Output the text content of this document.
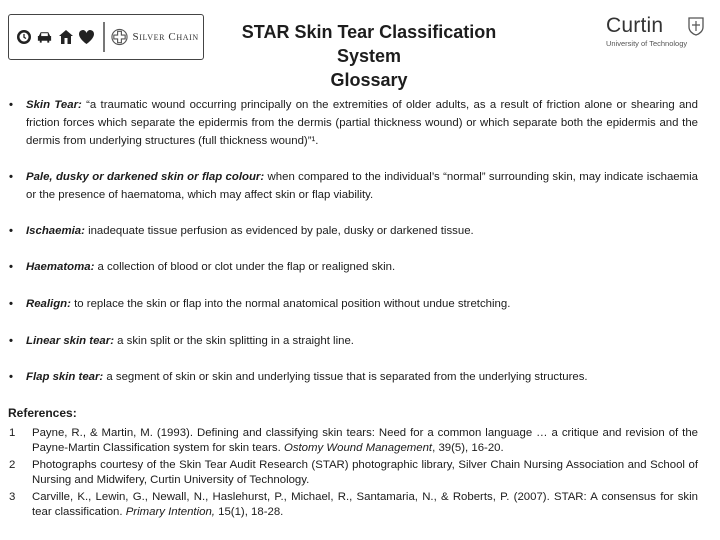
Silver Chain	STAR Skin Tear Classification System
Glossary
Curtin
University of Technology
• Skin Tear: “a traumatic wound occurring principally on the extremities of older adults, as a result of friction alone or shearing and friction forces which separate the epidermis from the dermis (partial thickness wound) or which separate both the epidermis and the dermis from underlying structures (full thickness wound)”¹.
• Pale, dusky or darkened skin or flap colour: when compared to the individual’s “normal” surrounding skin, may indicate ischaemia or the presence of haematoma, which may affect skin or flap viability.
• Ischaemia: inadequate tissue perfusion as evidenced by pale, dusky or darkened tissue.
• Haematoma: a collection of blood or clot under the flap or realigned skin.
• Realign: to replace the skin or flap into the normal anatomical position without undue stretching.
• Linear skin tear: a skin split or the skin splitting in a straight line.
• Flap skin tear: a segment of skin or skin and underlying tissue that is separated from the underlying structures.
References:
1 Payne, R., & Martin, M. (1993). Defining and classifying skin tears: Need for a common language … a critique and revision of the Payne-Martin Classification system for skin tears. Ostomy Wound Management, 39(5), 16-20.
2 Photographs courtesy of the Skin Tear Audit Research (STAR) photographic library, Silver Chain Nursing Association and School of Nursing and Midwifery, Curtin University of Technology.
3 Carville, K., Lewin, G., Newall, N., Haslehurst, P., Michael, R., Santamaria, N., & Roberts, P. (2007). STAR: A consensus for skin tear classification. Primary Intention, 15(1), 18-28.
